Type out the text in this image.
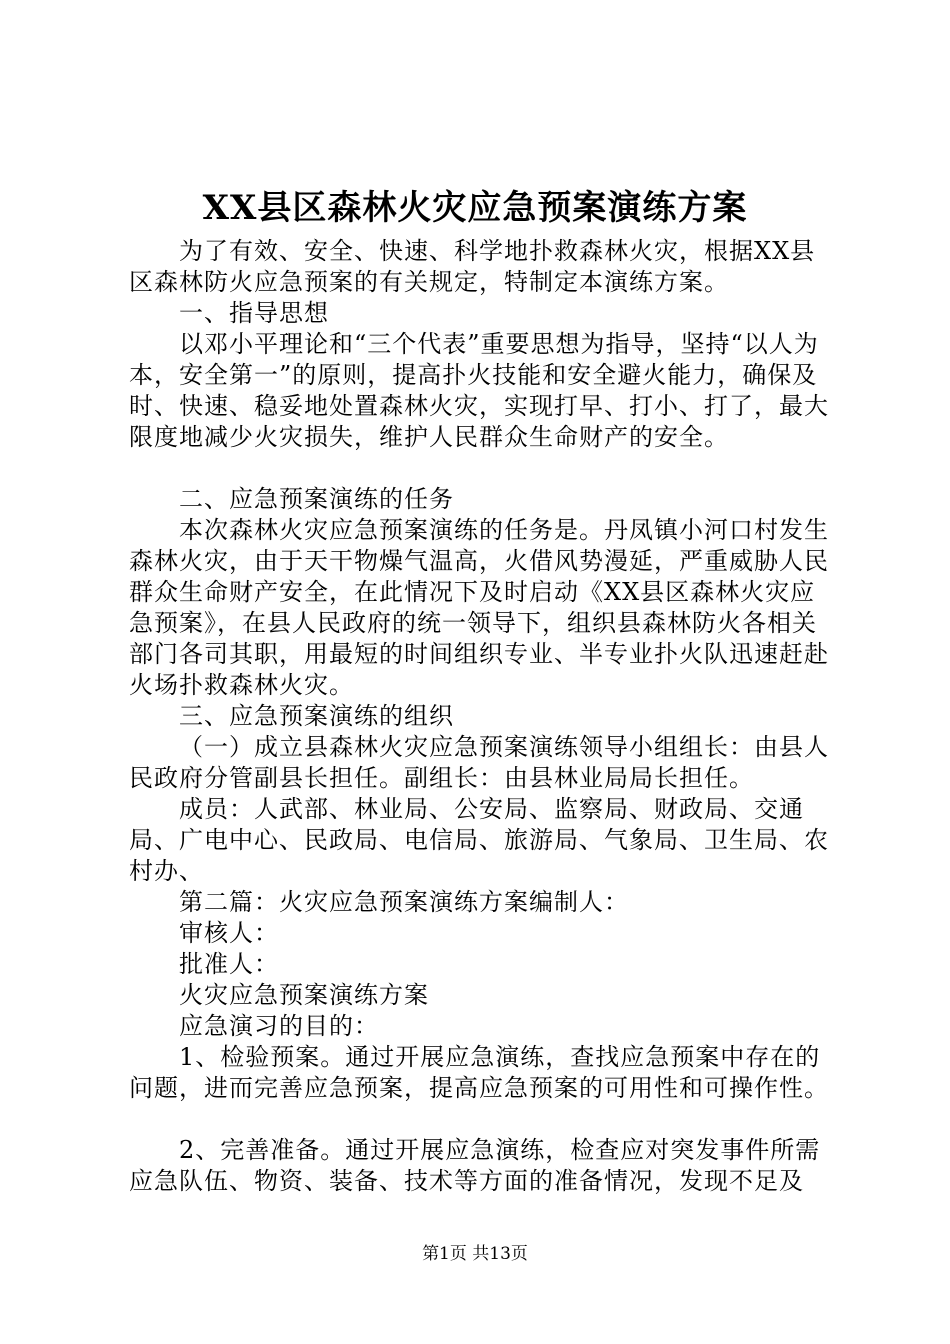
XX县区森林火灾应急预案演练方案

为了有效、安全、快速、科学地扑救森林火灾，根据XX县区森林防火应急预案的有关规定，特制定本演练方案。

一、指导思想

以邓小平理论和“三个代表”重要思想为指导，坚持“以人为本，安全第一”的原则，提高扑火技能和安全避火能力，确保及时、快速、稳妥地处置森林火灾，实现打早、打小、打了，最大限度地减少火灾损失，维护人民群众生命财产的安全。

二、应急预案演练的任务

本次森林火灾应急预案演练的任务是。丹凤镇小河口村发生森林火灾，由于天干物燥气温高，火借风势漫延，严重威胁人民群众生命财产安全，在此情况下及时启动《XX县区森林火灾应急预案》，在县人民政府的统一领导下，组织县森林防火各相关部门各司其职，用最短的时间组织专业、半专业扑火队迅速赶赴火场扑救森林火灾。

三、应急预案演练的组织

（一）成立县森林火灾应急预案演练领导小组组长：由县人民政府分管副县长担任。副组长：由县林业局局长担任。

成员：人武部、林业局、公安局、监察局、财政局、交通局、广电中心、民政局、电信局、旅游局、气象局、卫生局、农村办、

第二篇：火灾应急预案演练方案编制人：

审核人：

批准人：

火灾应急预案演练方案

应急演习的目的：

1、检验预案。通过开展应急演练，查找应急预案中存在的问题，进而完善应急预案，提高应急预案的可用性和可操作性。

2、完善准备。通过开展应急演练，检查应对突发事件所需应急队伍、物资、装备、技术等方面的准备情况，发现不足及

第1页 共13页
